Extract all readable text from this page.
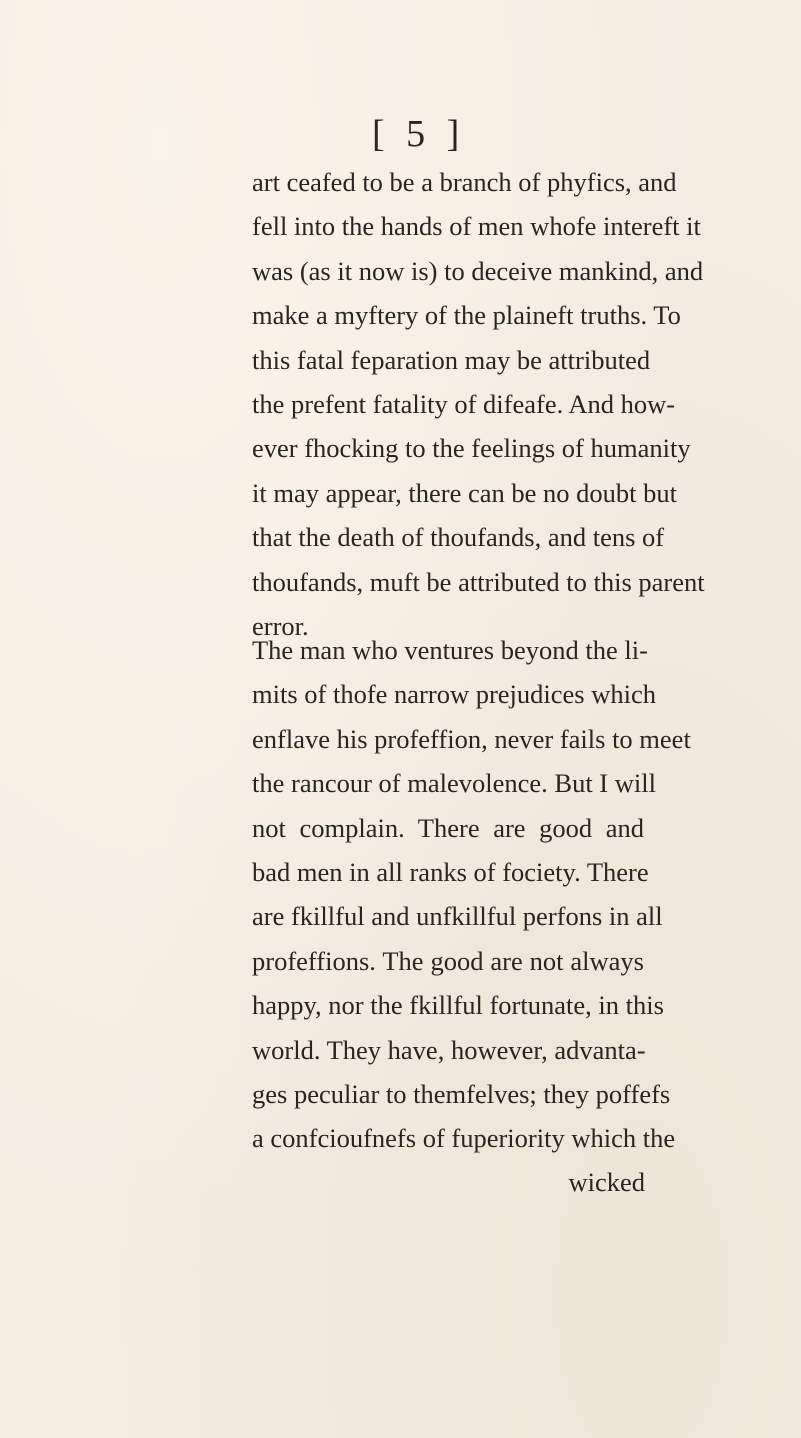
[ 5 ]
art ceafed to be a branch of phyfics, and
fell into the hands of men whofe intereft it
was (as it now is) to deceive mankind, and
make a myftery of the plaineft truths. To
this fatal feparation may be attributed
the prefent fatality of difeafe. And how-
ever fhocking to the feelings of humanity
it may appear, there can be no doubt but
that the death of thoufands, and tens of
thoufands, muft be attributed to this parent
error.
The man who ventures beyond the li-
mits of thofe narrow prejudices which
enflave his profeffion, never fails to meet
the rancour of malevolence. But I will
not complain. There are good and
bad men in all ranks of fociety. There
are fkillful and unfkillful perfons in all
profeffions. The good are not always
happy, nor the fkillful fortunate, in this
world. They have, however, advanta-
ges peculiar to themfelves; they poffefs
a confcioufnefs of fuperiority which the
wicked
